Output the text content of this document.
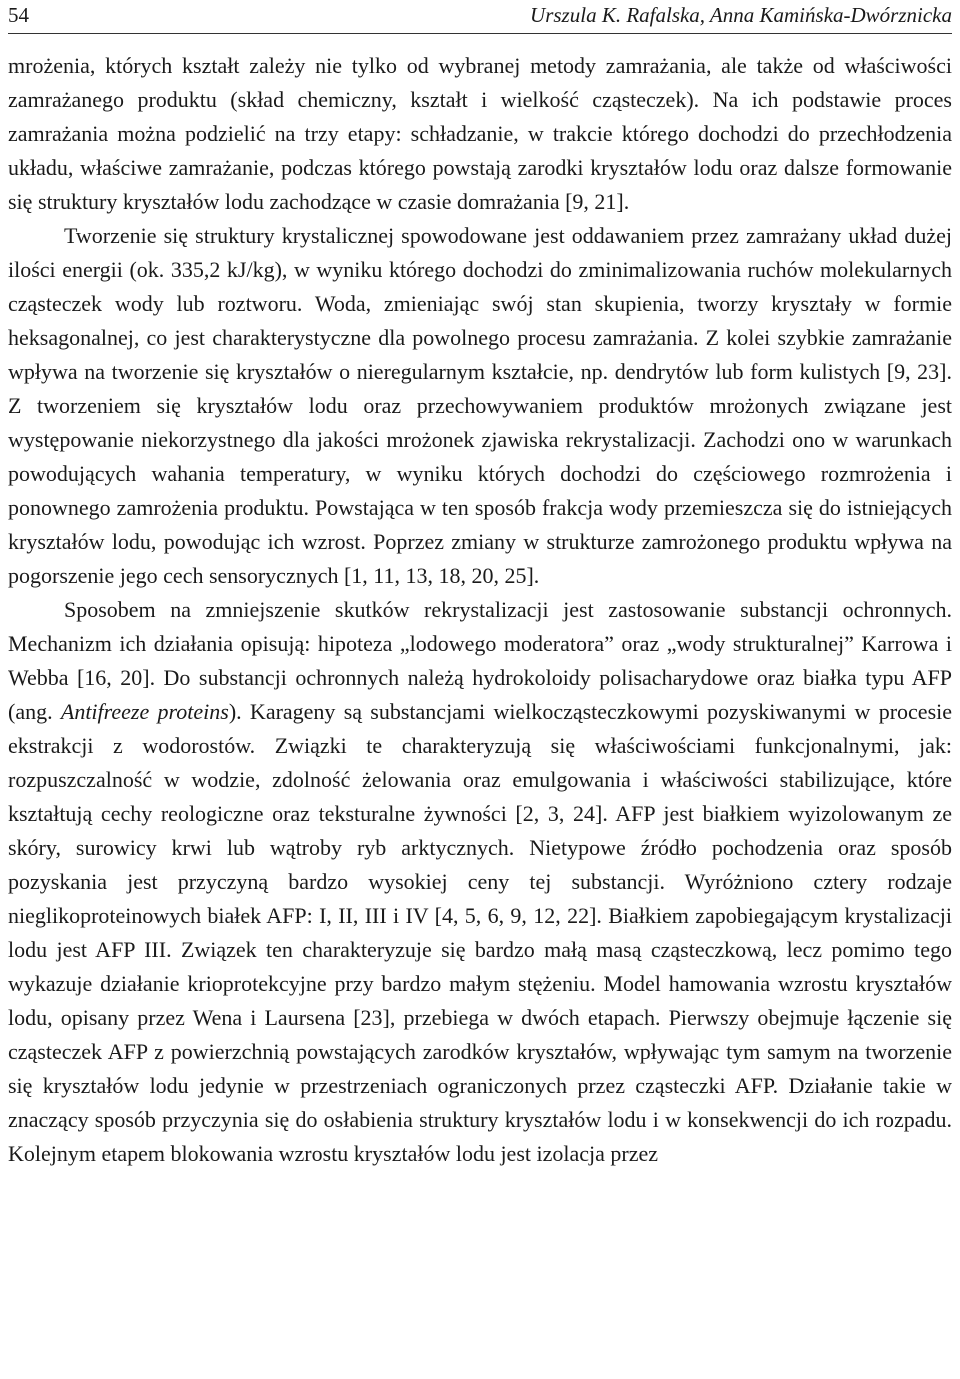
54	Urszula K. Rafalska, Anna Kamińska-Dwórznicka

mrożenia, których kształt zależy nie tylko od wybranej metody zamrażania, ale także od właściwości zamrażanego produktu (skład chemiczny, kształt i wielkość cząsteczek). Na ich podstawie proces zamrażania można podzielić na trzy etapy: schładzanie, w trakcie którego dochodzi do przechłodzenia układu, właściwe zamrażanie, podczas którego powstają zarodki kryształów lodu oraz dalsze formowanie się struktury kryształów lodu zachodzące w czasie domrażania [9, 21].

Tworzenie się struktury krystalicznej spowodowane jest oddawaniem przez zamrażany układ dużej ilości energii (ok. 335,2 kJ/kg), w wyniku którego dochodzi do zminimalizowania ruchów molekularnych cząsteczek wody lub roztworu. Woda, zmieniając swój stan skupienia, tworzy kryształy w formie heksagonalnej, co jest charakterystyczne dla powolnego procesu zamrażania. Z kolei szybkie zamrażanie wpływa na tworzenie się kryształów o nieregularnym kształcie, np. dendrytów lub form kulistych [9, 23]. Z tworzeniem się kryształów lodu oraz przechowywaniem produktów mrożonych związane jest występowanie niekorzystnego dla jakości mrożonek zjawiska rekrystalizacji. Zachodzi ono w warunkach powodujących wahania temperatury, w wyniku których dochodzi do częściowego rozmrożenia i ponownego zamrożenia produktu. Powstająca w ten sposób frakcja wody przemieszcza się do istniejących kryształów lodu, powodując ich wzrost. Poprzez zmiany w strukturze zamrożonego produktu wpływa na pogorszenie jego cech sensorycznych [1, 11, 13, 18, 20, 25].

Sposobem na zmniejszenie skutków rekrystalizacji jest zastosowanie substancji ochronnych. Mechanizm ich działania opisują: hipoteza „lodowego moderatora” oraz „wody strukturalnej” Karrowa i Webba [16, 20]. Do substancji ochronnych należą hydrokoloidy polisacharydowe oraz białka typu AFP (ang. Antifreeze proteins). Karageny są substancjami wielkocząsteczkowymi pozyskiwanymi w procesie ekstrakcji z wodorostów. Związki te charakteryzują się właściwościami funkcjonalnymi, jak: rozpuszczalność w wodzie, zdolność żelowania oraz emulgowania i właściwości stabilizujące, które kształtują cechy reologiczne oraz teksturalne żywności [2, 3, 24]. AFP jest białkiem wyizolowanym ze skóry, surowicy krwi lub wątroby ryb arktycznych. Nietypowe źródło pochodzenia oraz sposób pozyskania jest przyczyną bardzo wysokiej ceny tej substancji. Wyróżniono cztery rodzaje nieglikoproteinowych białek AFP: I, II, III i IV [4, 5, 6, 9, 12, 22]. Białkiem zapobiegającym krystalizacji lodu jest AFP III. Związek ten charakteryzuje się bardzo małą masą cząsteczkową, lecz pomimo tego wykazuje działanie krioprotekcyjne przy bardzo małym stężeniu. Model hamowania wzrostu kryształów lodu, opisany przez Wena i Laursena [23], przebiega w dwóch etapach. Pierwszy obejmuje łączenie się cząsteczek AFP z powierzchnią powstających zarodków kryształów, wpływając tym samym na tworzenie się kryształów lodu jedynie w przestrzeniach ograniczonych przez cząsteczki AFP. Działanie takie w znaczący sposób przyczynia się do osłabienia struktury kryształów lodu i w konsekwencji do ich rozpadu. Kolejnym etapem blokowania wzrostu kryształów lodu jest izolacja przez
